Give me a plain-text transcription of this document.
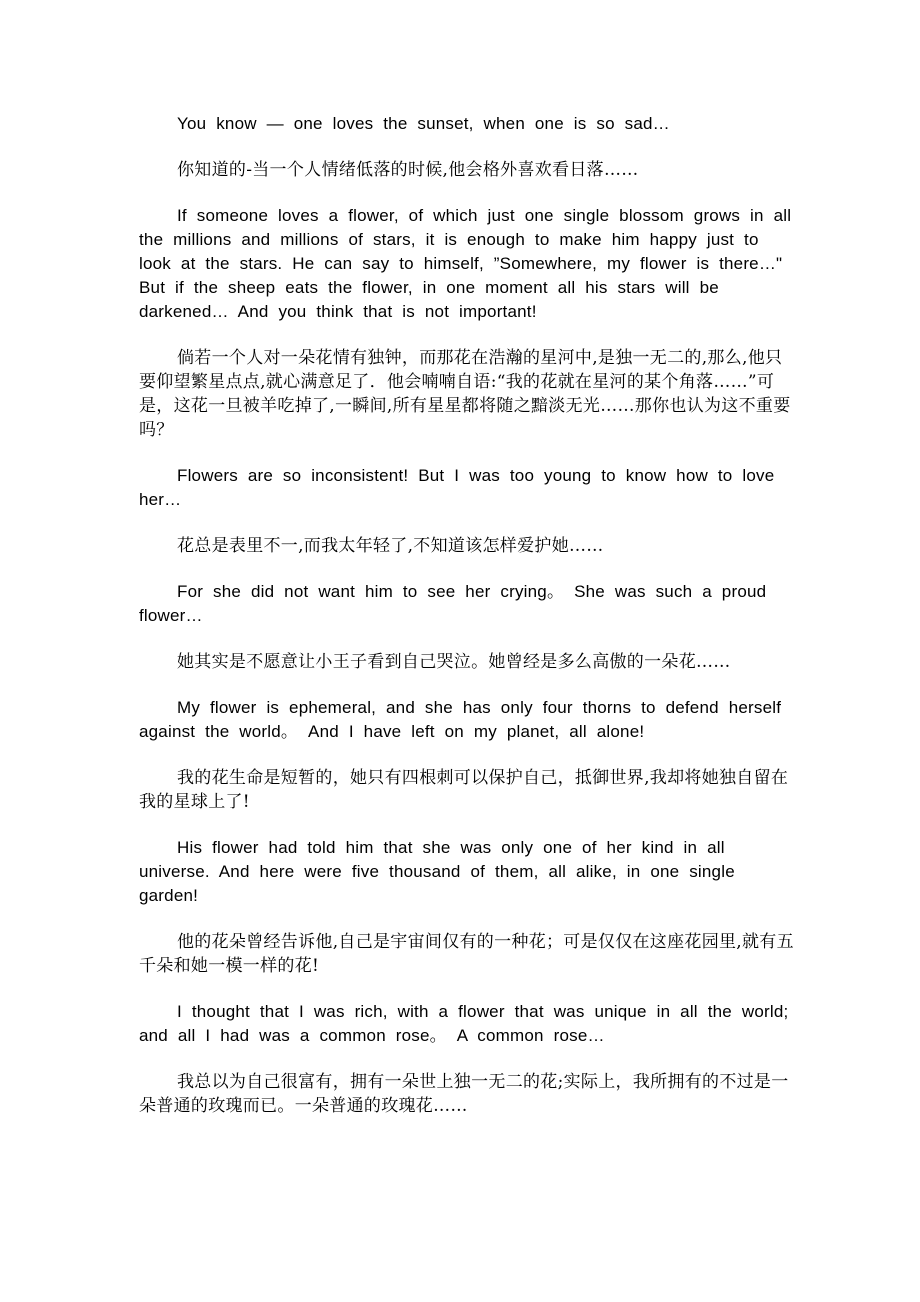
You know — one loves the sunset, when one is so sad…

你知道的-当一个人情绪低落的时候,他会格外喜欢看日落……

If someone loves a flower, of which just one single blossom grows in all the millions and millions of stars, it is enough to make him happy just to look at the stars. He can say to himself, ”Somewhere, my flower is there…" But if the sheep eats the flower, in one moment all his stars will be darkened… And you think that is not important!

倘若一个人对一朵花情有独钟，而那花在浩瀚的星河中,是独一无二的,那么,他只要仰望繁星点点,就心满意足了．他会喃喃自语:“我的花就在星河的某个角落……”可是，这花一旦被羊吃掉了,一瞬间,所有星星都将随之黯淡无光……那你也认为这不重要吗？

Flowers are so inconsistent! But I was too young to know how to love her…

花总是表里不一,而我太年轻了,不知道该怎样爱护她……

For she did not want him to see her crying。 She was such a proud flower…

她其实是不愿意让小王子看到自己哭泣。她曾经是多么高傲的一朵花……

My flower is ephemeral, and she has only four thorns to defend herself against the world。 And I have left on my planet, all alone!

我的花生命是短暂的，她只有四根刺可以保护自己，抵御世界,我却将她独自留在我的星球上了!

His flower had told him that she was only one of her kind in all universe. And here were five thousand of them, all alike, in one single garden!

他的花朵曾经告诉他,自己是宇宙间仅有的一种花；可是仅仅在这座花园里,就有五千朵和她一模一样的花!

I thought that I was rich, with a flower that was unique in all the world; and all I had was a common rose。 A common rose…

我总以为自己很富有，拥有一朵世上独一无二的花;实际上，我所拥有的不过是一朵普通的玫瑰而已。一朵普通的玫瑰花……
